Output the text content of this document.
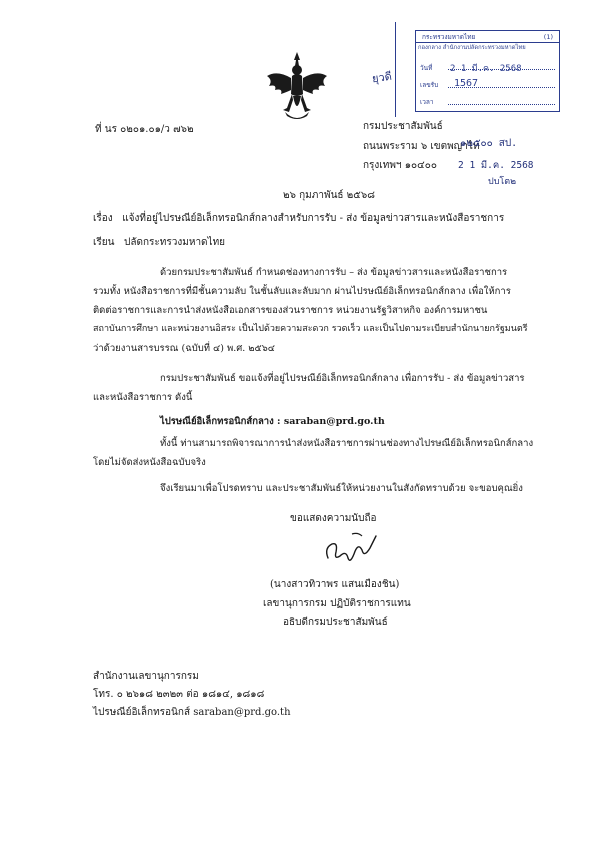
กระทรวงมหาดไทย	(1)
กองกลาง สำนักงานปลัดกระทรวงมหาดไทย
วันที่	2 1 มี.ค. 2568
เลขรับ	1567
เวลา
ยุวดี
ที่ นร ๐๒๐๑.๐๑/ว ๗๖๒	กรมประชาสัมพันธ์
ถนนพระราม ๖ เขตพญาไท
กรุงเทพฯ ๑๐๔๐๐
๑๒๕๐๐ สป.
2 1 มี.ค. 2568
ปบโต๒
๒๖ กุมภาพันธ์ ๒๕๖๘
เรื่อง แจ้งที่อยู่ไปรษณีย์อิเล็กทรอนิกส์กลางสำหรับการรับ - ส่ง ข้อมูลข่าวสารและหนังสือราชการ
เรียน ปลัดกระทรวงมหาดไทย
ด้วยกรมประชาสัมพันธ์ กำหนดช่องทางการรับ – ส่ง ข้อมูลข่าวสารและหนังสือราชการ
รวมทั้ง หนังสือราชการที่มีชั้นความลับ ในชั้นลับและลับมาก ผ่านไปรษณีย์อิเล็กทรอนิกส์กลาง เพื่อให้การ
ติดต่อราชการและการนำส่งหนังสือเอกสารของส่วนราชการ หน่วยงานรัฐวิสาหกิจ องค์การมหาชน
สถาบันการศึกษา และหน่วยงานอิสระ เป็นไปด้วยความสะดวก รวดเร็ว และเป็นไปตามระเบียบสำนักนายกรัฐมนตรี
ว่าด้วยงานสารบรรณ (ฉบับที่ ๔) พ.ศ. ๒๕๖๔
กรมประชาสัมพันธ์ ขอแจ้งที่อยู่ไปรษณีย์อิเล็กทรอนิกส์กลาง เพื่อการรับ - ส่ง ข้อมูลข่าวสาร
และหนังสือราชการ ดังนี้
ไปรษณีย์อิเล็กทรอนิกส์กลาง : saraban@prd.go.th
ทั้งนี้ ท่านสามารถพิจารณาการนำส่งหนังสือราชการผ่านช่องทางไปรษณีย์อิเล็กทรอนิกส์กลาง
โดยไม่จัดส่งหนังสือฉบับจริง
จึงเรียนมาเพื่อโปรดทราบ และประชาสัมพันธ์ให้หน่วยงานในสังกัดทราบด้วย จะขอบคุณยิ่ง
ขอแสดงความนับถือ
(นางสาวทิวาพร แสนเมืองชิน)
เลขานุการกรม ปฏิบัติราชการแทน
อธิบดีกรมประชาสัมพันธ์
สำนักงานเลขานุการกรม
โทร. ๐ ๒๖๑๘ ๒๓๒๓ ต่อ ๑๘๑๔, ๑๘๑๘
ไปรษณีย์อิเล็กทรอนิกส์ saraban@prd.go.th
